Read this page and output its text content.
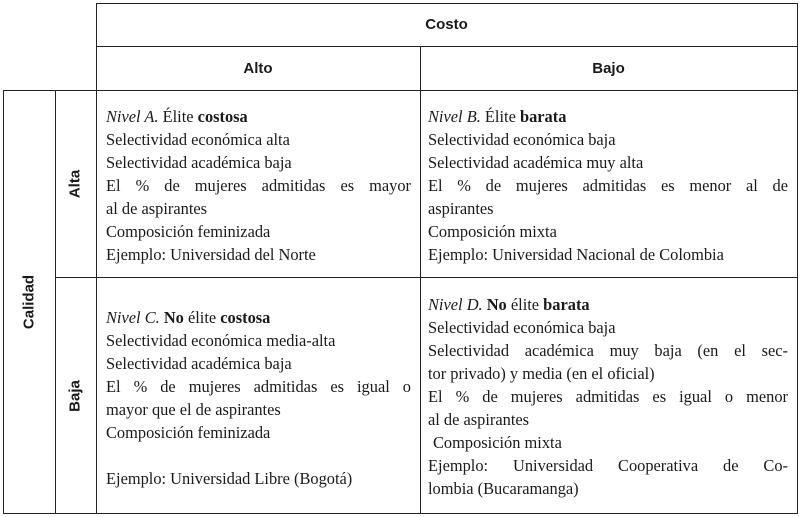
Costo
Alto	Bajo
Calidad
Alta
Baja
Nivel A. Élite costosa
Selectividad económica alta
Selectividad académica baja
El % de mujeres admitidas es mayor
al de aspirantes
Composición feminizada
Ejemplo: Universidad del Norte
Nivel B. Élite barata
Selectividad económica baja
Selectividad académica muy alta
El % de mujeres admitidas es menor al de
aspirantes
Composición mixta
Ejemplo: Universidad Nacional de Colombia
Nivel C. No élite costosa
Selectividad económica media-alta
Selectividad académica baja
El % de mujeres admitidas es igual o
mayor que el de aspirantes
Composición feminizada
Ejemplo: Universidad Libre (Bogotá)
Nivel D. No élite barata
Selectividad económica baja
Selectividad académica muy baja (en el sec-
tor privado) y media (en el oficial)
El % de mujeres admitidas es igual o menor
al de aspirantes
Composición mixta
Ejemplo: Universidad Cooperativa de Co-
lombia (Bucaramanga)
